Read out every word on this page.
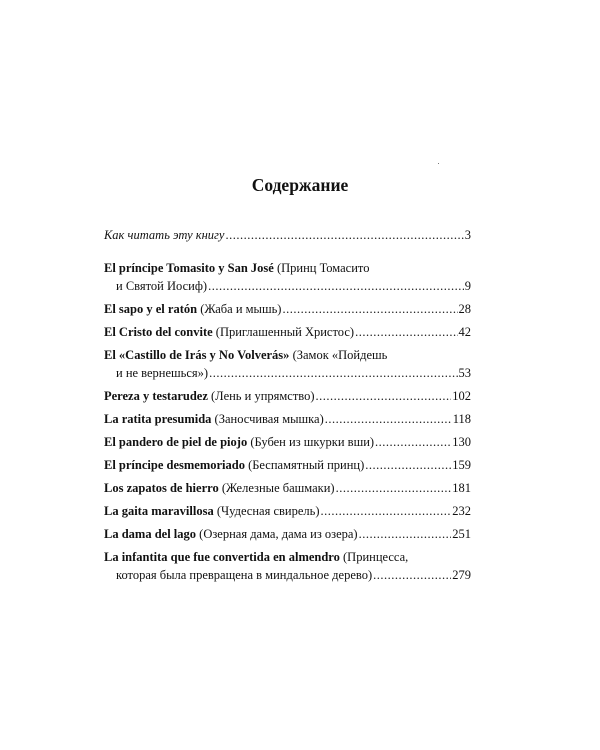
Содержание
Как читать эту книгу .....	3
El príncipe Tomasito y San José (Принц Томасито
и Святой Иосиф) .....	9
El sapo y el ratón (Жаба и мышь) .....	28
El Cristo del convite (Приглашенный Христос) .....	42
El «Castillo de Irás y No Volverás» (Замок «Пойдешь
и не вернешься») .....	53
Pereza y testarudez (Лень и упрямство) .....	102
La ratita presumida (Заносчивая мышка) .....	118
El pandero de piel de piojo (Бубен из шкурки вши) .....	130
El príncipe desmemoriado (Беспамятный принц) .....	159
Los zapatos de hierro (Железные башмаки) .....	181
La gaita maravillosa (Чудесная свирель) .....	232
La dama del lago (Озерная дама, дама из озера) .....	251
La infantita que fue convertida en almendro (Принцесса,
которая была превращена в миндальное дерево) .....	279
